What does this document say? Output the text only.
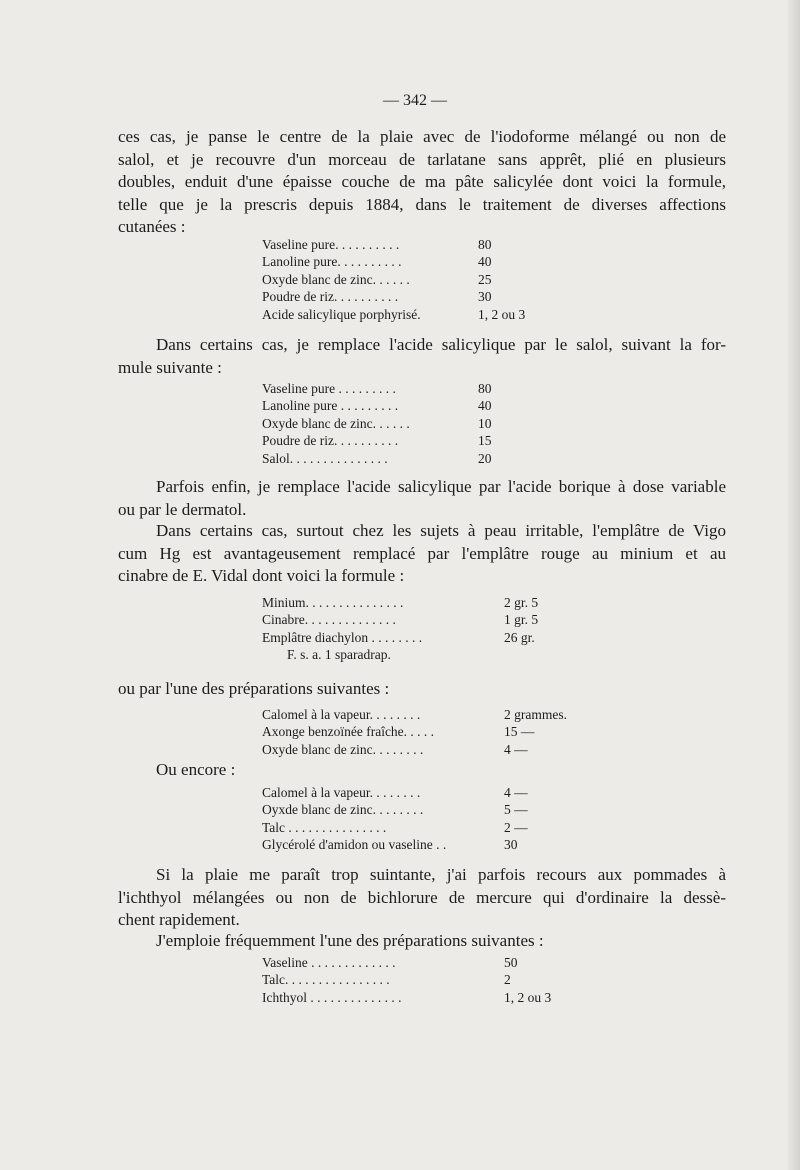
— 342 —
ces cas, je panse le centre de la plaie avec de l'iodoforme mélangé ou non de
salol, et je recouvre d'un morceau de tarlatane sans apprêt, plié en plusieurs
doubles, enduit d'une épaisse couche de ma pâte salicylée dont voici la formule,
telle que je la prescris depuis 1884, dans le traitement de diverses affections
cutanées :
Vaseline pure. . . . . . . . . .	80
Lanoline pure. . . . . . . . . .	40
Oxyde blanc de zinc. . . . . .	25
Poudre de riz. . . . . . . . . .	30
Acide salicylique porphyrisé.	1, 2 ou 3
Dans certains cas, je remplace l'acide salicylique par le salol, suivant la for-
mule suivante :
Vaseline pure . . . . . . . . .	80
Lanoline pure . . . . . . . . .	40
Oxyde blanc de zinc. . . . . .	10
Poudre de riz. . . . . . . . . .	15
Salol. . . . . . . . . . . . . . .	20
Parfois enfin, je remplace l'acide salicylique par l'acide borique à dose variable
ou par le dermatol.
Dans certains cas, surtout chez les sujets à peau irritable, l'emplâtre de Vigo
cum Hg est avantageusement remplacé par l'emplâtre rouge au minium et au
cinabre de E. Vidal dont voici la formule :
Minium. . . . . . . . . . . . . . .	2 gr. 5
Cinabre. . . . . . . . . . . . . .	1 gr. 5
Emplâtre diachylon . . . . . . . .	26 gr.
F. s. a. 1 sparadrap.
ou par l'une des préparations suivantes :
Calomel à la vapeur. . . . . . . .	2 grammes.
Axonge benzoïnée fraîche. . . . .	15 —
Oxyde blanc de zinc. . . . . . . .	4 —
Ou encore :
Calomel à la vapeur. . . . . . . .	4 —
Oyxde blanc de zinc. . . . . . . .	5 —
Talc . . . . . . . . . . . . . . .	2 —
Glycérolé d'amidon ou vaseline . .	30
Si la plaie me paraît trop suintante, j'ai parfois recours aux pommades à
l'ichthyol mélangées ou non de bichlorure de mercure qui d'ordinaire la dessè-
chent rapidement.
J'emploie fréquemment l'une des préparations suivantes :
Vaseline . . . . . . . . . . . . .	50
Talc. . . . . . . . . . . . . . . .	2
Ichthyol . . . . . . . . . . . . . .	1, 2 ou 3
